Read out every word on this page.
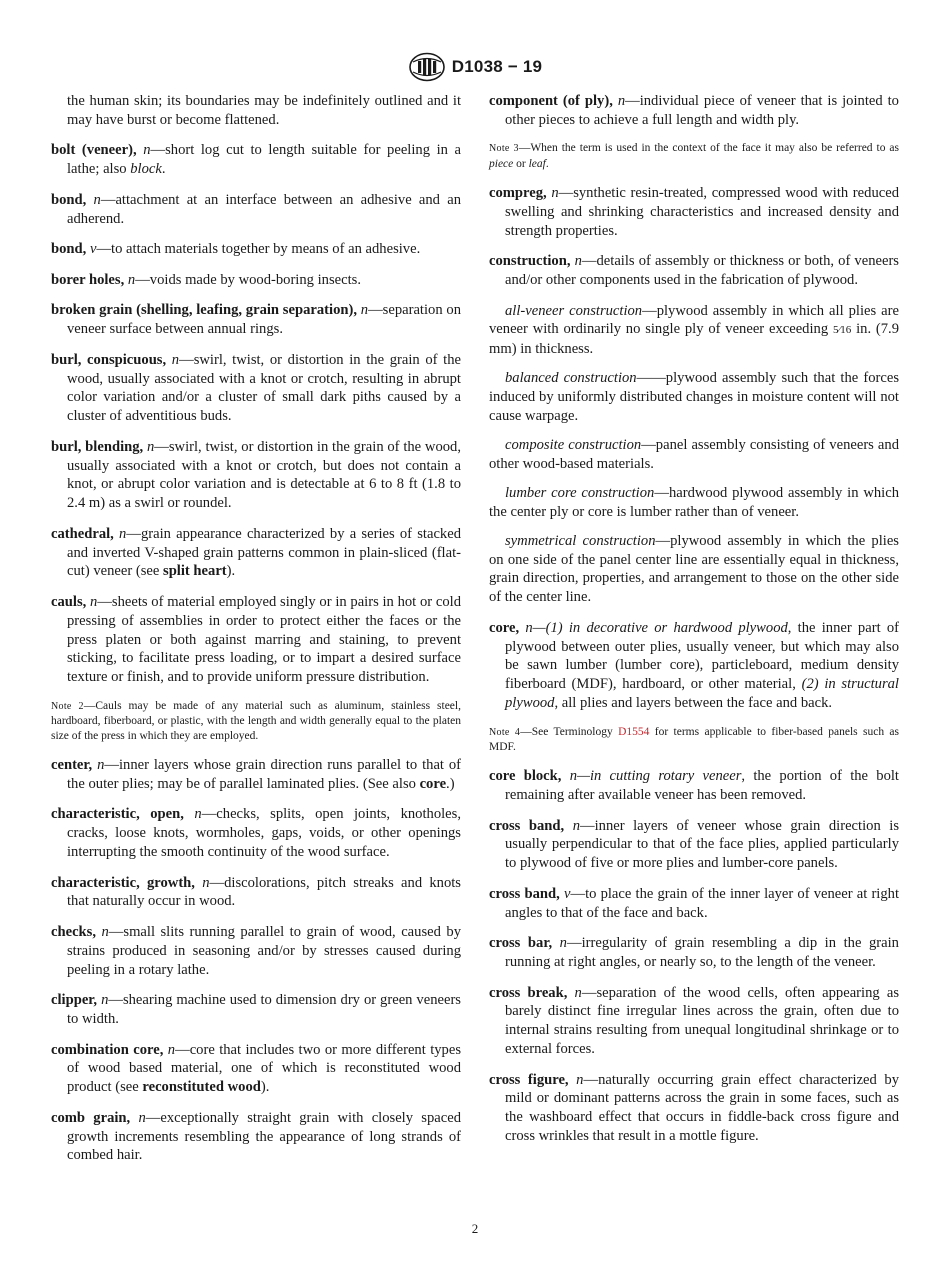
D1038 − 19

the human skin; its boundaries may be indefinitely outlined and it may have burst or become flattened.

bolt (veneer), n—short log cut to length suitable for peeling in a lathe; also block.

bond, n—attachment at an interface between an adhesive and an adherend.

bond, v—to attach materials together by means of an adhesive.

borer holes, n—voids made by wood-boring insects.

broken grain (shelling, leafing, grain separation), n—separation on veneer surface between annual rings.

burl, conspicuous, n—swirl, twist, or distortion in the grain of the wood, usually associated with a knot or crotch, resulting in abrupt color variation and/or a cluster of small dark piths caused by a cluster of adventitious buds.

burl, blending, n—swirl, twist, or distortion in the grain of the wood, usually associated with a knot or crotch, but does not contain a knot, or abrupt color variation and is detectable at 6 to 8 ft (1.8 to 2.4 m) as a swirl or roundel.

cathedral, n—grain appearance characterized by a series of stacked and inverted V-shaped grain patterns common in plain-sliced (flat-cut) veneer (see split heart).

cauls, n—sheets of material employed singly or in pairs in hot or cold pressing of assemblies in order to protect either the faces or the press platen or both against marring and staining, to prevent sticking, to facilitate press loading, or to impart a desired surface texture or finish, and to provide uniform pressure distribution.

Note 2—Cauls may be made of any material such as aluminum, stainless steel, hardboard, fiberboard, or plastic, with the length and width generally equal to the platen size of the press in which they are employed.

center, n—inner layers whose grain direction runs parallel to that of the outer plies; may be of parallel laminated plies. (See also core.)

characteristic, open, n—checks, splits, open joints, knotholes, cracks, loose knots, wormholes, gaps, voids, or other openings interrupting the smooth continuity of the wood surface.

characteristic, growth, n—discolorations, pitch streaks and knots that naturally occur in wood.

checks, n—small slits running parallel to grain of wood, caused by strains produced in seasoning and/or by stresses caused during peeling in a rotary lathe.

clipper, n—shearing machine used to dimension dry or green veneers to width.

combination core, n—core that includes two or more different types of wood based material, one of which is reconstituted wood product (see reconstituted wood).

comb grain, n—exceptionally straight grain with closely spaced growth increments resembling the appearance of long strands of combed hair.

component (of ply), n—individual piece of veneer that is jointed to other pieces to achieve a full length and width ply.

Note 3—When the term is used in the context of the face it may also be referred to as piece or leaf.

compreg, n—synthetic resin-treated, compressed wood with reduced swelling and shrinking characteristics and increased density and strength properties.

construction, n—details of assembly or thickness or both, of veneers and/or other components used in the fabrication of plywood.

all-veneer construction—plywood assembly in which all plies are veneer with ordinarily no single ply of veneer exceeding 5⁄16 in. (7.9 mm) in thickness.

balanced construction——plywood assembly such that the forces induced by uniformly distributed changes in moisture content will not cause warpage.

composite construction—panel assembly consisting of veneers and other wood-based materials.

lumber core construction—hardwood plywood assembly in which the center ply or core is lumber rather than of veneer.

symmetrical construction—plywood assembly in which the plies on one side of the panel center line are essentially equal in thickness, grain direction, properties, and arrangement to those on the other side of the center line.

core, n—(1) in decorative or hardwood plywood, the inner part of plywood between outer plies, usually veneer, but which may also be sawn lumber (lumber core), particleboard, medium density fiberboard (MDF), hardboard, or other material, (2) in structural plywood, all plies and layers between the face and back.

Note 4—See Terminology D1554 for terms applicable to fiber-based panels such as MDF.

core block, n—in cutting rotary veneer, the portion of the bolt remaining after available veneer has been removed.

cross band, n—inner layers of veneer whose grain direction is usually perpendicular to that of the face plies, applied particularly to plywood of five or more plies and lumber-core panels.

cross band, v—to place the grain of the inner layer of veneer at right angles to that of the face and back.

cross bar, n—irregularity of grain resembling a dip in the grain running at right angles, or nearly so, to the length of the veneer.

cross break, n—separation of the wood cells, often appearing as barely distinct fine irregular lines across the grain, often due to internal strains resulting from unequal longitudinal shrinkage or to external forces.

cross figure, n—naturally occurring grain effect characterized by mild or dominant patterns across the grain in some faces, such as the washboard effect that occurs in fiddle-back cross figure and cross wrinkles that result in a mottle figure.

2
